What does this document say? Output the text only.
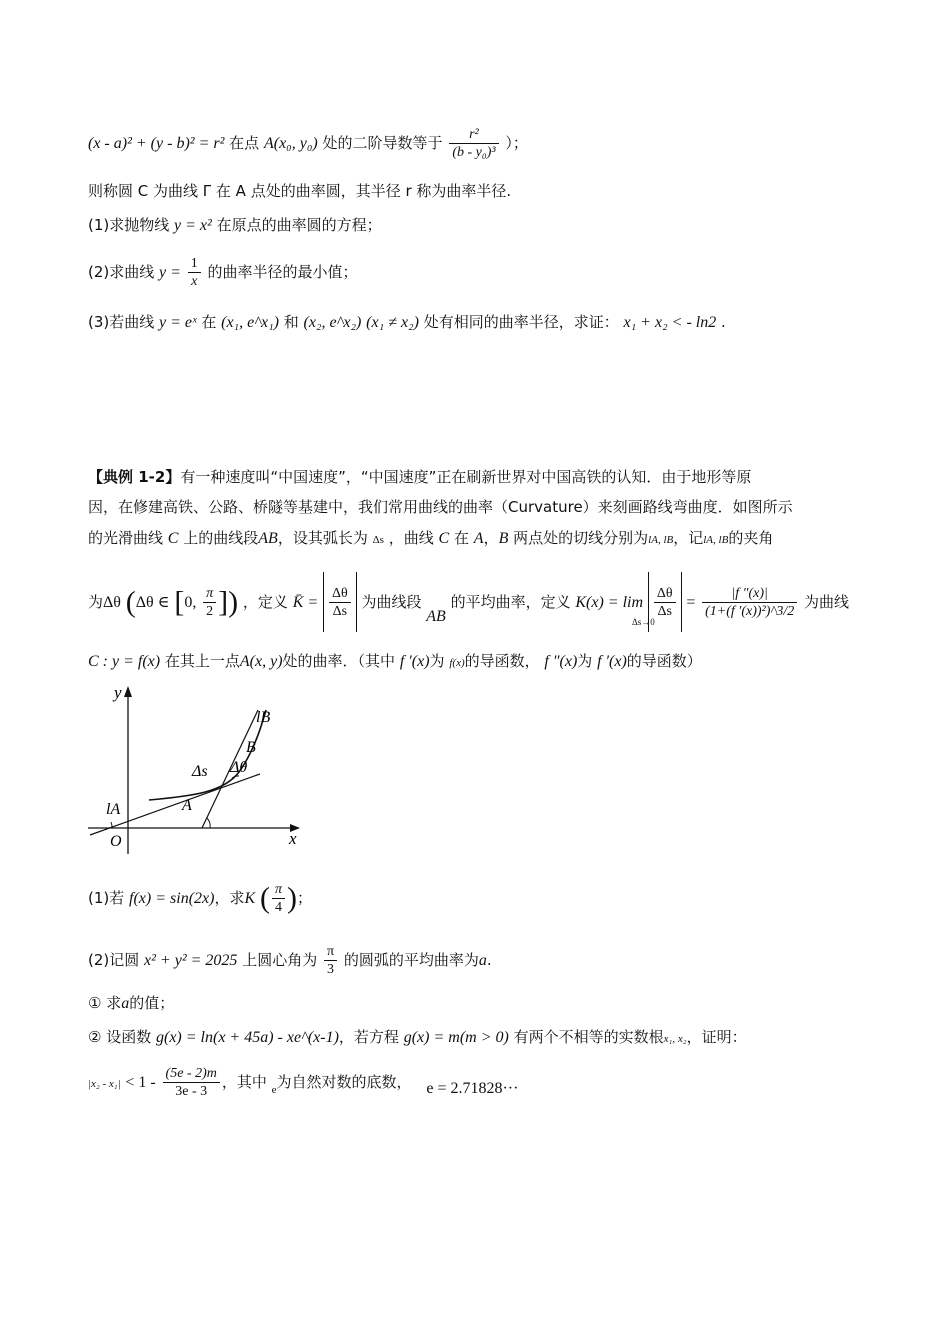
(x - a)² + (y - b)² = r² 在点 A(x₀, y₀) 处的二阶导数等于 $\frac{\text{r²}}{\text{(b - y₀)³}}$ ）；
则称圆 C 为曲线 Γ 在 A 点处的曲率圆，其半径 r 称为曲率半径.
(1)求抛物线 y = x² 在原点的曲率圆的方程；
(2)求曲线 $y = \frac{1}{x}$ 的曲率半径的最小值；
(3)若曲线 y = eˣ 在 (x₁, e^x₁) 和 (x₂, e^x₂) (x₁ ≠ x₂) 处有相同的曲率半径，求证： x₁ + x₂ < - ln2 .
【典例 1-2】有一种速度叫“中国速度”，“中国速度”正在刷新世界对中国高铁的认知．由于地形等原
因，在修建高铁、公路、桥隧等基建中，我们常用曲线的曲率（Curvature）来刻画路线弯曲度．如图所示
的光滑曲线 C 上的曲线段AB，设其弧长为 Δs ，曲线 C 在 A，B 两点处的切线分别为lA, lB，记lA, lB的夹角
为Δθ (Δθ ∈ [0, $\frac{\pi}{2}$ ]) ，定义 K̄ = $\frac{\Delta\theta}{\Delta s}$ 为曲线段 AB 的平均曲率，定义 $K(x) = \lim \frac{\Delta\theta}{\Delta s} = \frac{|f ''(x)|}{\text{(1+(f ′(x))²)\textasciicircum{}3/2}}$ 为曲线
Δs→0
C : y = f(x) 在其上一点A(x, y)处的曲率．（其中 f ′(x)为 f(x)的导函数， f ″(x)为 f ′(x)的导函数）
y
x
O
lA
lB
A
B
Δs Δθ
(1)若 f(x) = sin(2x)，求K ( $\frac{\pi}{4}$ )；
(2)记圆 x² + y² = 2025 上圆心角为 $\frac{\pi}{3}$ 的圆弧的平均曲率为a.
① 求a的值；
② 设函数 g(x) = ln(x + 45a) - xe^(x-1)，若方程 g(x) = m(m > 0) 有两个不相等的实数根x₁, x₂，证明：
$|x_2 - x_1| < 1 - \frac{(5e - 2)m}{3e - 3}$ ，其中 $_e$为自然对数的底数， e = 2.71828···
